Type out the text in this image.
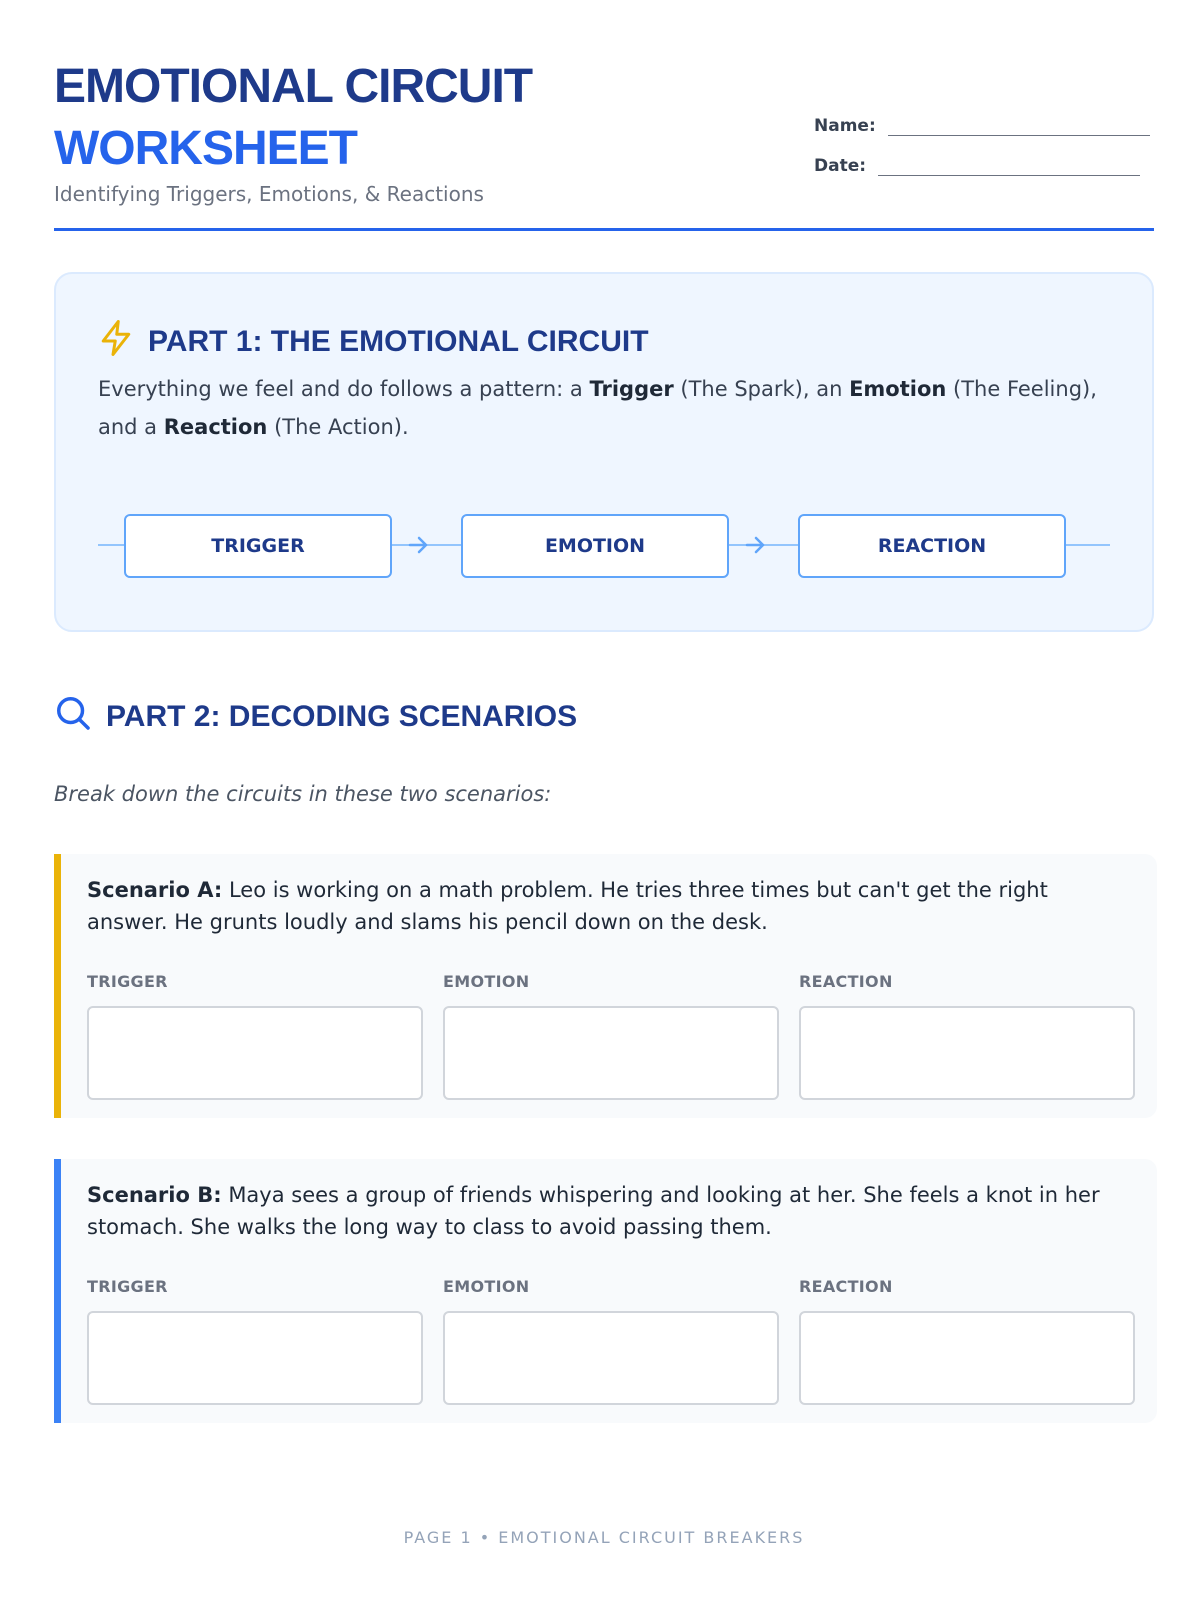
EMOTIONAL CIRCUIT
WORKSHEET
Identifying Triggers, Emotions, & Reactions
Name:
Date:
PART 1: THE EMOTIONAL CIRCUIT
Everything we feel and do follows a pattern: a Trigger (The Spark), an Emotion (The Feeling), and a Reaction (The Action).
TRIGGER	EMOTION	REACTION
PART 2: DECODING SCENARIOS
Break down the circuits in these two scenarios:
Scenario A: Leo is working on a math problem. He tries three times but can't get the right answer. He grunts loudly and slams his pencil down on the desk.
TRIGGER	EMOTION	REACTION
Scenario B: Maya sees a group of friends whispering and looking at her. She feels a knot in her stomach. She walks the long way to class to avoid passing them.
TRIGGER	EMOTION	REACTION
PAGE 1 • EMOTIONAL CIRCUIT BREAKERS
